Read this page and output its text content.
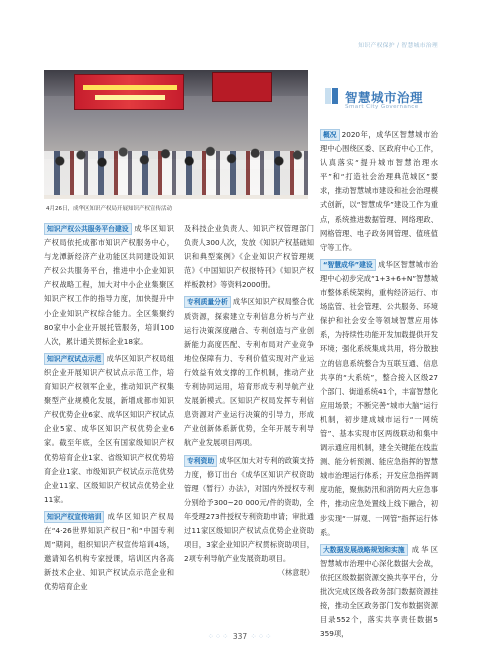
知识产权保护 / 智慧城市治理
4月26日，成华区知识产权局开展知识产权宣传活动
智慧城市治理
Smart City Governance

知识产权公共服务平台建设 成华区知识产权局依托成都市知识产权服务中心，与龙潭新经济产业功能区共同建设知识产权公共服务平台，推进中小企业知识产权战略工程，加大对中小企业集聚区知识产权工作的指导力度，加快提升中小企业知识产权综合能力。全区集聚约80家中小企业开展托管服务，培训100人次，累计通关贯标企业18家。

知识产权试点示范 成华区知识产权局组织企业开展知识产权试点示范工作，培育知识产权领军企业，推动知识产权集聚型产业规模化发展，新增成都市知识产权优势企业6家、成华区知识产权试点企业5家、成华区知识产权优势企业6家。截至年底，全区有国家级知识产权优势培育企业1家、省级知识产权优势培育企业1家、市级知识产权试点示范优势企业11家、区级知识产权试点优势企业11家。

知识产权宣传培训 成华区知识产权局在“4·26世界知识产权日”和“中国专利周”期间，组织知识产权宣传培训4场，邀请知名机构专家授课，培训区内各高新技术企业、知识产权试点示范企业和优势培育企业

及科技企业负责人、知识产权管理部门负责人300人次，发放《知识产权基础知识和典型案例》《企业知识产权管理规范》《中国知识产权报特刊》《知识产权样板教材》等资料2000册。

专利质量分析 成华区知识产权局整合优质资源，探索建立专利信息分析与产业运行决策深度融合、专利创造与产业创新能力高度匹配、专利布局对产业竞争地位保障有力、专利价值实现对产业运行效益有效支撑的工作机制，推动产业专利协同运用，培育形成专利导航产业发展新模式。区知识产权局发挥专利信息资源对产业运行决策的引导力，形成产业创新体系新优势，全年开展专利导航产业发展项目两项。

专利资助 成华区加大对专利的政策支持力度，修订出台《成华区知识产权资助管理（暂行）办法》，对国内外授权专利分别给予300~20 000元/件的资助，全年受理273件授权专利资助申请；审批通过11家区级知识产权试点优势企业资助项目，3家企业知识产权贯标资助项目，2项专利导航产业发展资助项目。
（林意珉）

概况 2020年，成华区智慧城市治理中心围绕区委、区政府中心工作，认真落实“提升城市智慧治理水平”和“打造社会治理典范城区”要求，推动智慧城市建设和社会治理模式创新，以“智慧成华”建设工作为重点，系统推进数据管理、网络理政、网格管理、电子政务网管理、值班值守等工作。

“智慧成华”建设 成华区智慧城市治理中心初步完成“1+3+6+N”智慧城市整体系统架构，重构经济运行、市场监管、社会管理、公共服务、环境保护和社会安全等领域智慧应用体系，为持续性功能开发加载提供开发环境；强化系统集成共用，将分散独立的信息系统整合为互联互通、信息共享的“大系统”，整合接入区级27个部门、街道系统41个，丰富智慧化应用场景；不断完善“城市大脑”运行机制，初步建成城市运行“一网统管”、基本实现市区两级联动和集中调示通应用机制，建全关键能在线监测、能分析预测、能应急指挥的智慧城市治理运行体系；开发应急指挥调度功能，聚焦防汛和消防两大应急事件，推动应急处置线上线下融合，初步实现“一屏观、一网管”指挥运行体系。

大数据发展战略规划和实施 成华区智慧城市治理中心深化数据大会战，依托区级数据资源交换共享平台，分批次完成区级各政务部门数据资源挂接，推动全区政务部门发布数据资源目录552个，落实共享责任数据5 359项，

⁘⁘⁘ 337 ⁘⁘⁘
